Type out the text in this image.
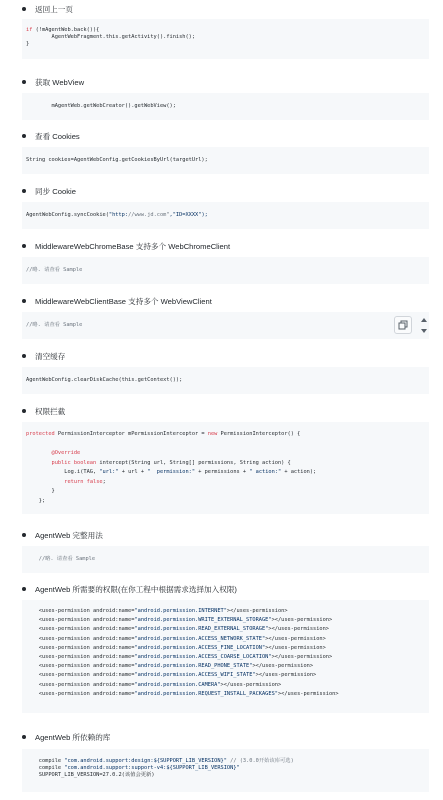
返回上一页
if (!mAgentWeb.back()){
AgentWebFragment.this.getActivity().finish();
}
获取 WebView
mAgentWeb.getWebCreator().getWebView();
查看 Cookies
String cookies=AgentWebConfig.getCookiesByUrl(targetUrl);
同步 Cookie
AgentWebConfig.syncCookie("http://www.jd.com","ID=XXXX");
MiddlewareWebChromeBase 支持多个 WebChromeClient
//略. 请查看 Sample
MiddlewareWebClientBase 支持多个 WebViewClient
//略. 请查看 Sample
清空缓存
AgentWebConfig.clearDiskCache(this.getContext());
权限拦截
protected PermissionInterceptor mPermissionInterceptor = new PermissionInterceptor() {
@Override
public boolean intercept(String url, String[] permissions, String action) {
Log.i(TAG, "url:" + url + "  permission:" + permissions + " action:" + action);
return false;
}
};
AgentWeb 完整用法
//略. 请查看 Sample
AgentWeb 所需要的权限(在你工程中根据需求选择加入权限)
<uses-permission android:name="android.permission.INTERNET"></uses-permission>
<uses-permission android:name="android.permission.WRITE_EXTERNAL_STORAGE"></uses-permission>
<uses-permission android:name="android.permission.READ_EXTERNAL_STORAGE"></uses-permission>
<uses-permission android:name="android.permission.ACCESS_NETWORK_STATE"></uses-permission>
<uses-permission android:name="android.permission.ACCESS_FINE_LOCATION"></uses-permission>
<uses-permission android:name="android.permission.ACCESS_COARSE_LOCATION"></uses-permission>
<uses-permission android:name="android.permission.READ_PHONE_STATE"></uses-permission>
<uses-permission android:name="android.permission.ACCESS_WIFI_STATE"></uses-permission>
<uses-permission android:name="android.permission.CAMERA"></uses-permission>
<uses-permission android:name="android.permission.REQUEST_INSTALL_PACKAGES"></uses-permission>
AgentWeb 所依赖的库
compile "com.android.support:design:${SUPPORT_LIB_VERSION}" // (3.0.0开始该库可选)
compile "com.android.support:support-v4:${SUPPORT_LIB_VERSION}"
SUPPORT_LIB_VERSION=27.0.2(该值会更新)
